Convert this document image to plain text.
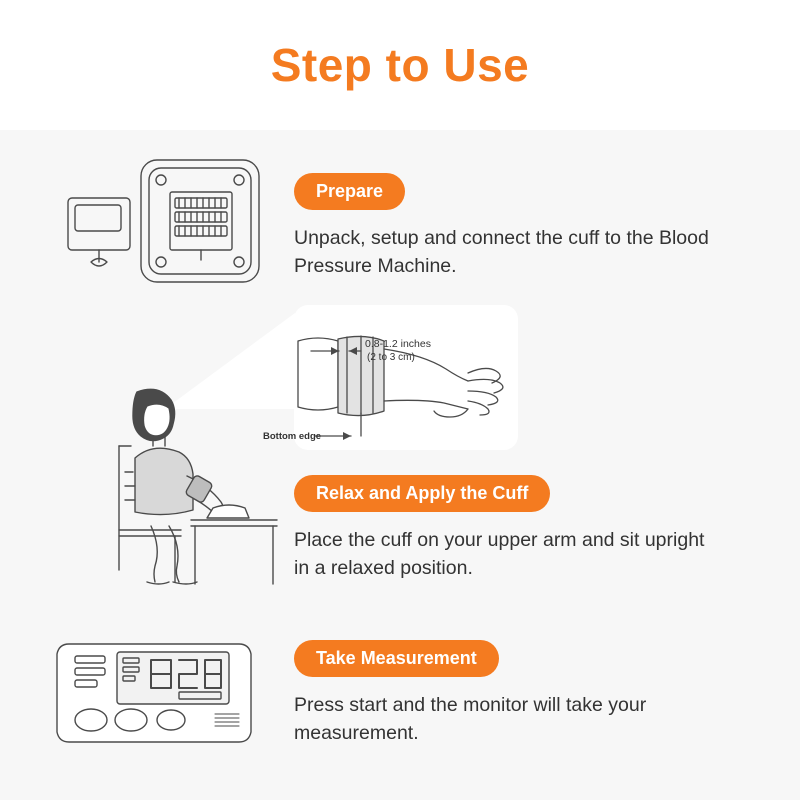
Step to Use
Prepare
Unpack, setup and connect the cuff to the Blood Pressure Machine.
0.8-1.2 inches
(2 to 3 cm)
Bottom edge
Relax and Apply the Cuff
Place the cuff on your upper arm and sit upright in a relaxed position.
Take Measurement
Press start and the monitor will take your measurement.
